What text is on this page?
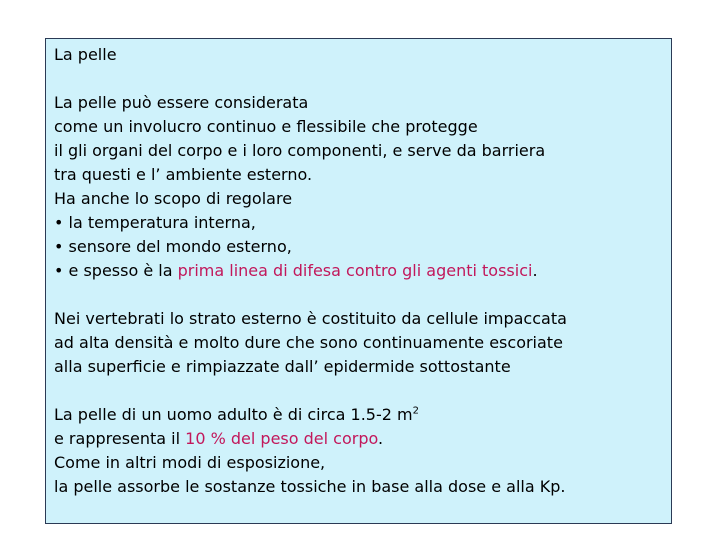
La pelle
La pelle può essere considerata
come un involucro continuo e flessibile che protegge
il gli organi del corpo e i loro componenti, e serve da barriera
tra questi e l’ ambiente esterno.
Ha anche lo scopo di regolare
• la temperatura interna,
• sensore del mondo esterno,
• e spesso è la prima linea di difesa contro gli agenti tossici.
Nei vertebrati lo strato esterno è costituito da cellule impaccata
ad alta densità e molto dure che sono continuamente escoriate
alla superficie e rimpiazzate dall’ epidermide sottostante
La pelle di un uomo adulto è di circa 1.5-2 $m^2$
e rappresenta il 10 % del peso del corpo.
Come in altri modi di esposizione,
la pelle assorbe le sostanze tossiche in base alla dose e alla Kp.
